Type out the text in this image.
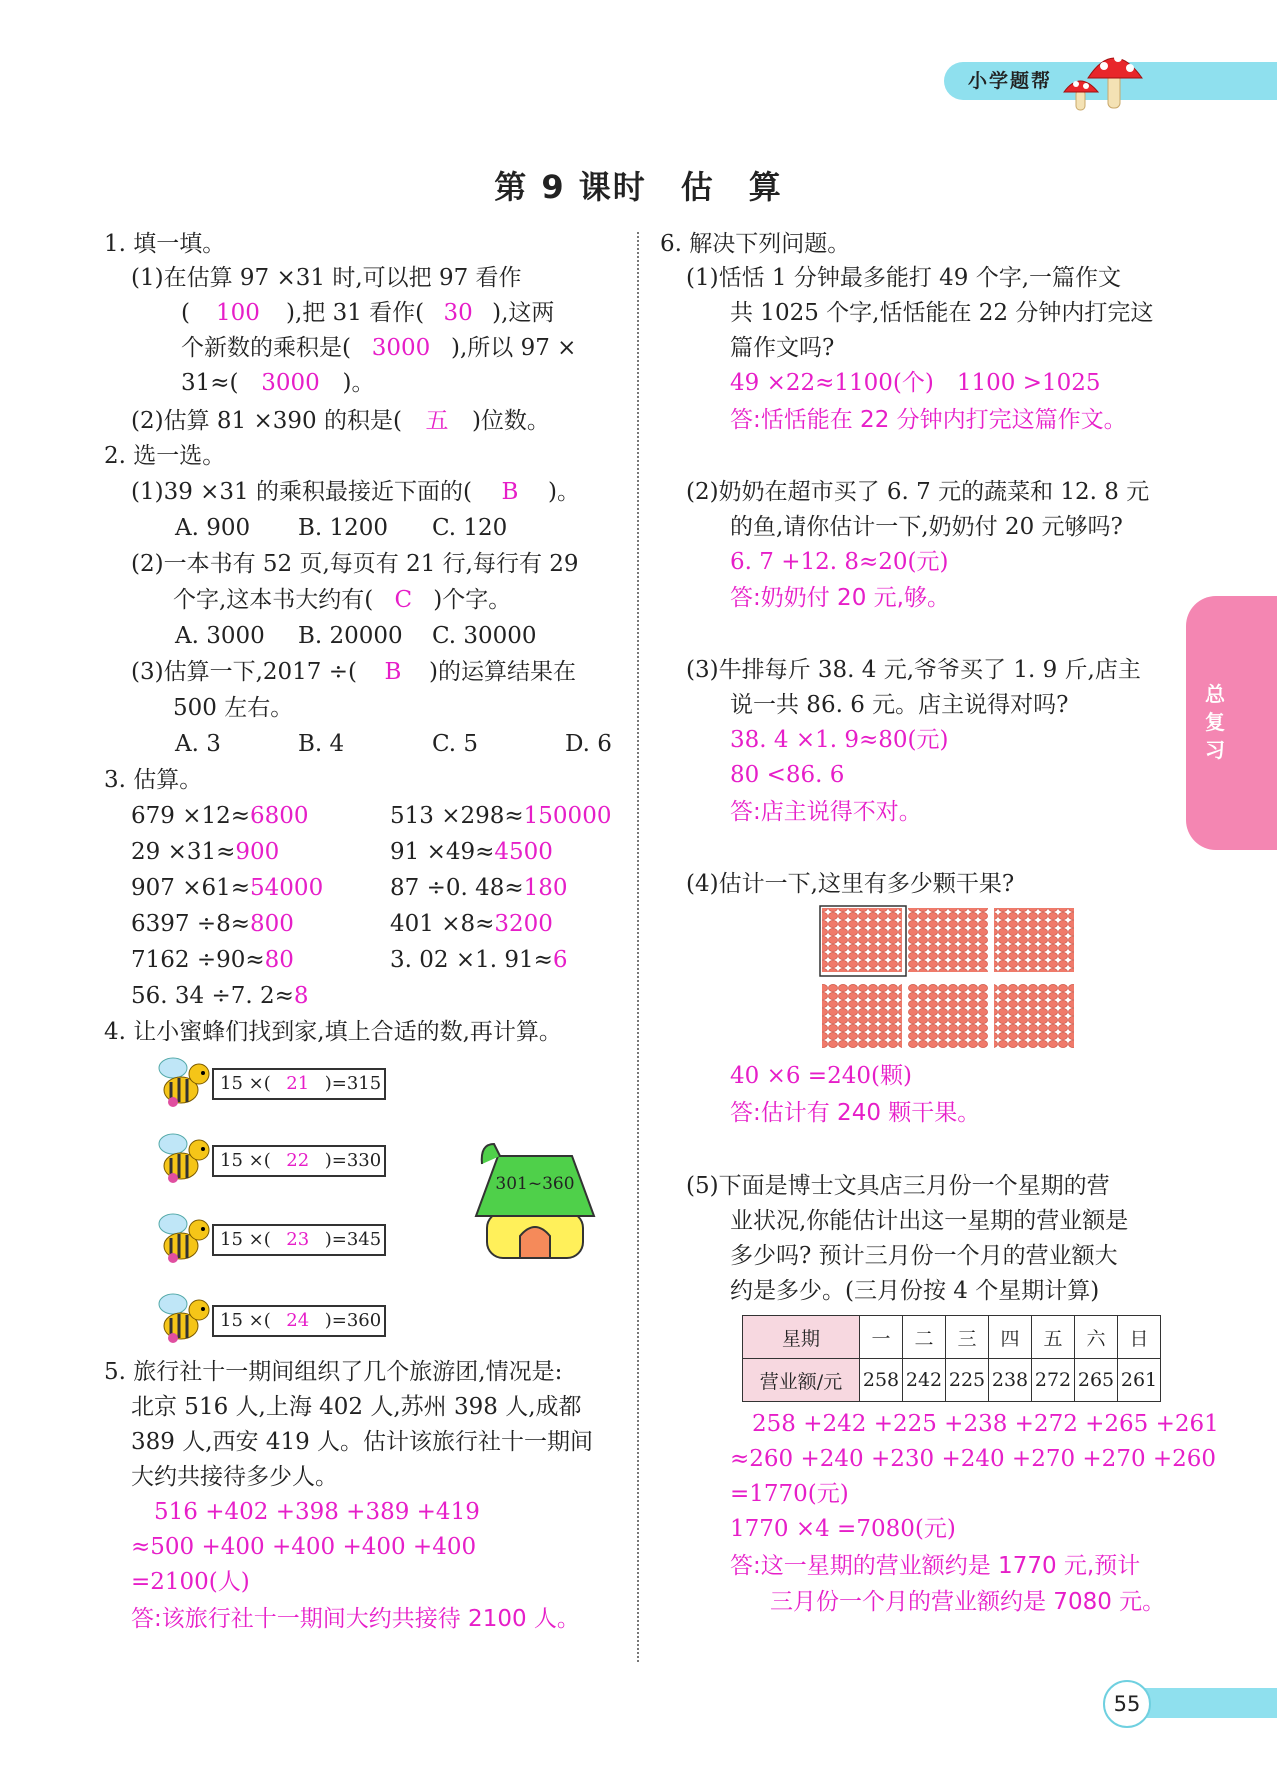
小学题帮
第 9 课时　估　算
总
复
习
55
1. 填一填。
(1)在估算 97 ×31 时,可以把 97 看作
( 100 ),把 31 看作( 30 ),这两
个新数的乘积是( 3000 ),所以 97 ×
31≈( 3000 )。
(2)估算 81 ×390 的积是( 五 )位数。
2. 选一选。
(1)39 ×31 的乘积最接近下面的( B )。
A. 900 B. 1200 C. 120
(2)一本书有 52 页,每页有 21 行,每行有 29
个字,这本书大约有( C )个字。
A. 3000 B. 20000 C. 30000
(3)估算一下,2017 ÷( B )的运算结果在
500 左右。
A. 3	B. 4	C. 5	D. 6
3. 估算。
679 ×12≈6800	513 ×298≈150000
29 ×31≈900	91 ×49≈4500
907 ×61≈54000	87 ÷0. 48≈180
6397 ÷8≈800	401 ×8≈3200
7162 ÷90≈80	3. 02 ×1. 91≈6
56. 34 ÷7. 2≈8
4. 让小蜜蜂们找到家,填上合适的数,再计算。
15 ×( 21 )=315
15 ×( 22 )=330
15 ×( 23 )=345
15 ×( 24 )=360
301~360
5. 旅行社十一期间组织了几个旅游团,情况是:
北京 516 人,上海 402 人,苏州 398 人,成都
389 人,西安 419 人。估计该旅行社十一期间
大约共接待多少人。
516 +402 +398 +389 +419
≈500 +400 +400 +400 +400
=2100(人)
答:该旅行社十一期间大约共接待 2100 人。
6. 解决下列问题。
(1)恬恬 1 分钟最多能打 49 个字,一篇作文
共 1025 个字,恬恬能在 22 分钟内打完这
篇作文吗?
49 ×22≈1100(个)　1100 >1025
答:恬恬能在 22 分钟内打完这篇作文。
(2)奶奶在超市买了 6. 7 元的蔬菜和 12. 8 元
的鱼,请你估计一下,奶奶付 20 元够吗?
6. 7 +12. 8≈20(元)
答:奶奶付 20 元,够。
(3)牛排每斤 38. 4 元,爷爷买了 1. 9 斤,店主
说一共 86. 6 元。店主说得对吗?
38. 4 ×1. 9≈80(元)
80 <86. 6
答:店主说得不对。
(4)估计一下,这里有多少颗干果?
40 ×6 =240(颗)
答:估计有 240 颗干果。
(5)下面是博士文具店三月份一个星期的营
业状况,你能估计出这一星期的营业额是
多少吗? 预计三月份一个月的营业额大
约是多少。(三月份按 4 个星期计算)
星期	一	二	三	四	五	六	日
营业额/元	258	242	225	238	272	265	261
258 +242 +225 +238 +272 +265 +261
≈260 +240 +230 +240 +270 +270 +260
=1770(元)
1770 ×4 =7080(元)
答:这一星期的营业额约是 1770 元,预计
三月份一个月的营业额约是 7080 元。
